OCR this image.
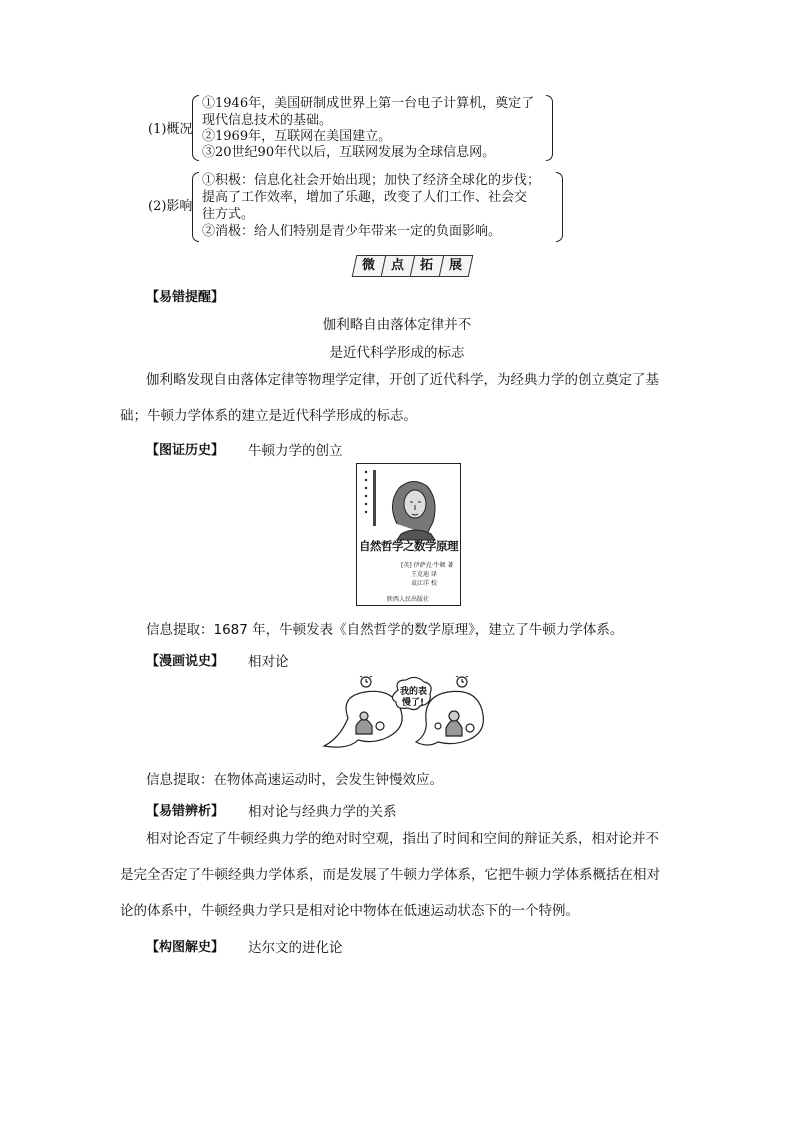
(1)概况
①1946年，美国研制成世界上第一台电子计算机，奠定了
现代信息技术的基础。
②1969年，互联网在美国建立。
③20世纪90年代以后，互联网发展为全球信息网。
(2)影响
①积极：信息化社会开始出现；加快了经济全球化的步伐；
提高了工作效率，增加了乐趣，改变了人们工作、社会交
往方式。
②消极：给人们特别是青少年带来一定的负面影响。
微	点	拓	展
【易错提醒】
伽利略自由落体定律并不
是近代科学形成的标志
伽利略发现自由落体定律等物理学定律，开创了近代科学，为经典力学的创立奠定了基
础；牛顿力学体系的建立是近代科学形成的标志。
【图证历史】 牛顿力学的创立
自然哲学之数学原理
[英] 伊萨克·牛顿 著
王克迪 译
袁江洋 校
陕西人民出版社
信息提取：1687 年，牛顿发表《自然哲学的数学原理》，建立了牛顿力学体系。
【漫画说史】 相对论
我的表
慢了!
信息提取：在物体高速运动时，会发生钟慢效应。
【易错辨析】 相对论与经典力学的关系
相对论否定了牛顿经典力学的绝对时空观，指出了时间和空间的辩证关系，相对论并不
是完全否定了牛顿经典力学体系，而是发展了牛顿力学体系，它把牛顿力学体系概括在相对
论的体系中，牛顿经典力学只是相对论中物体在低速运动状态下的一个特例。
【构图解史】 达尔文的进化论
